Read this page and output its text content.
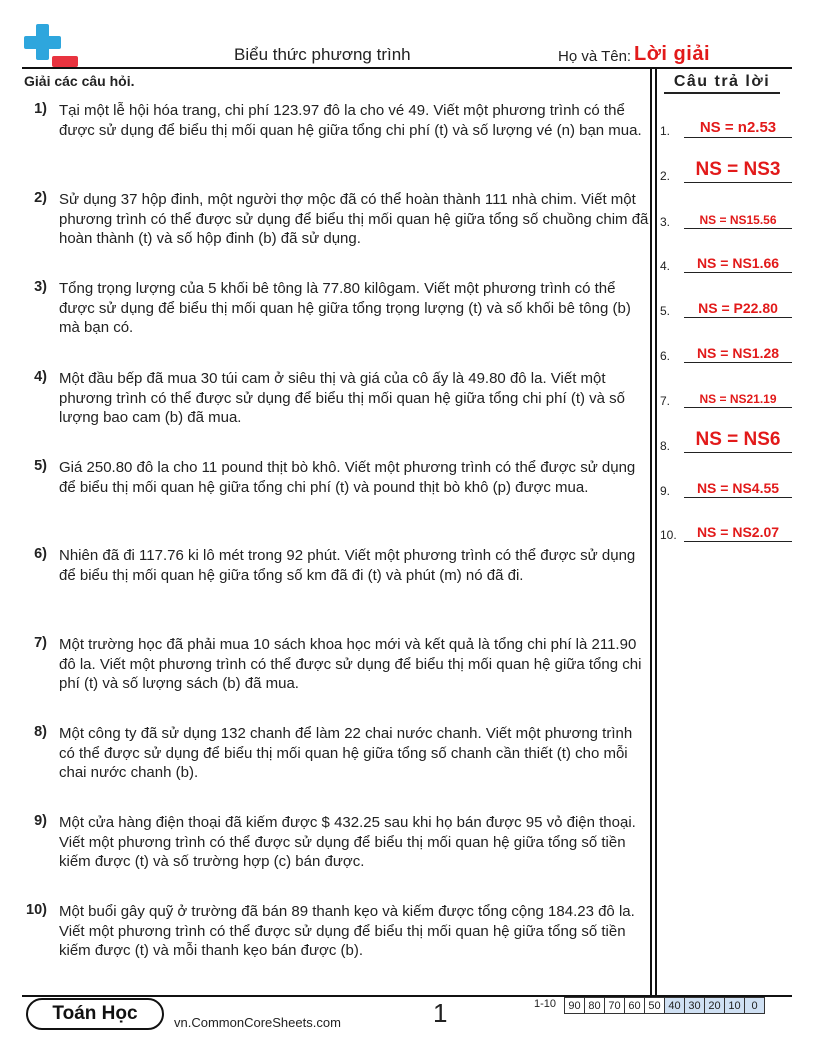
Biểu thức phương trình	Họ và Tên: Lời giải
Giải các câu hỏi.	Câu trả lời
1) Tại một lễ hội hóa trang, chi phí 123.97 đô la cho vé 49. Viết một phương trình có thể được sử dụng để biểu thị mối quan hệ giữa tổng chi phí (t) và số lượng vé (n) bạn mua.
2) Sử dụng 37 hộp đinh, một người thợ mộc đã có thể hoàn thành 111 nhà chim. Viết một phương trình có thể được sử dụng để biểu thị mối quan hệ giữa tổng số chuồng chim đã hoàn thành (t) và số hộp đinh (b) đã sử dụng.
3) Tổng trọng lượng của 5 khối bê tông là 77.80 kilôgam. Viết một phương trình có thể được sử dụng để biểu thị mối quan hệ giữa tổng trọng lượng (t) và số khối bê tông (b) mà bạn có.
4) Một đầu bếp đã mua 30 túi cam ở siêu thị và giá của cô ấy là 49.80 đô la. Viết một phương trình có thể được sử dụng để biểu thị mối quan hệ giữa tổng chi phí (t) và số lượng bao cam (b) đã mua.
5) Giá 250.80 đô la cho 11 pound thịt bò khô. Viết một phương trình có thể được sử dụng để biểu thị mối quan hệ giữa tổng chi phí (t) và pound thịt bò khô (p) được mua.
6) Nhiên đã đi 117.76 ki lô mét trong 92 phút. Viết một phương trình có thể được sử dụng để biểu thị mối quan hệ giữa tổng số km đã đi (t) và phút (m) nó đã đi.
7) Một trường học đã phải mua 10 sách khoa học mới và kết quả là tổng chi phí là 211.90 đô la. Viết một phương trình có thể được sử dụng để biểu thị mối quan hệ giữa tổng chi phí (t) và số lượng sách (b) đã mua.
8) Một công ty đã sử dụng 132 chanh để làm 22 chai nước chanh. Viết một phương trình có thể được sử dụng để biểu thị mối quan hệ giữa tổng số chanh cần thiết (t) cho mỗi chai nước chanh (b).
9) Một cửa hàng điện thoại đã kiếm được $ 432.25 sau khi họ bán được 95 vỏ điện thoại. Viết một phương trình có thể được sử dụng để biểu thị mối quan hệ giữa tổng số tiền kiếm được (t) và số trường hợp (c) bán được.
10) Một buổi gây quỹ ở trường đã bán 89 thanh kẹo và kiếm được tổng cộng 184.23 đô la. Viết một phương trình có thể được sử dụng để biểu thị mối quan hệ giữa tổng số tiền kiếm được (t) và mỗi thanh kẹo bán được (b).
1.	NS = n2.53
2.	NS = NS3
3.	NS = NS15.56
4.	NS = NS1.66
5.	NS = P22.80
6.	NS = NS1.28
7.	NS = NS21.19
8.	NS = NS6
9.	NS = NS4.55
10.	NS = NS2.07
Toán Học	vn.CommonCoreSheets.com	1	1-10 90	80	70	60	50	40	30	20	10	0
